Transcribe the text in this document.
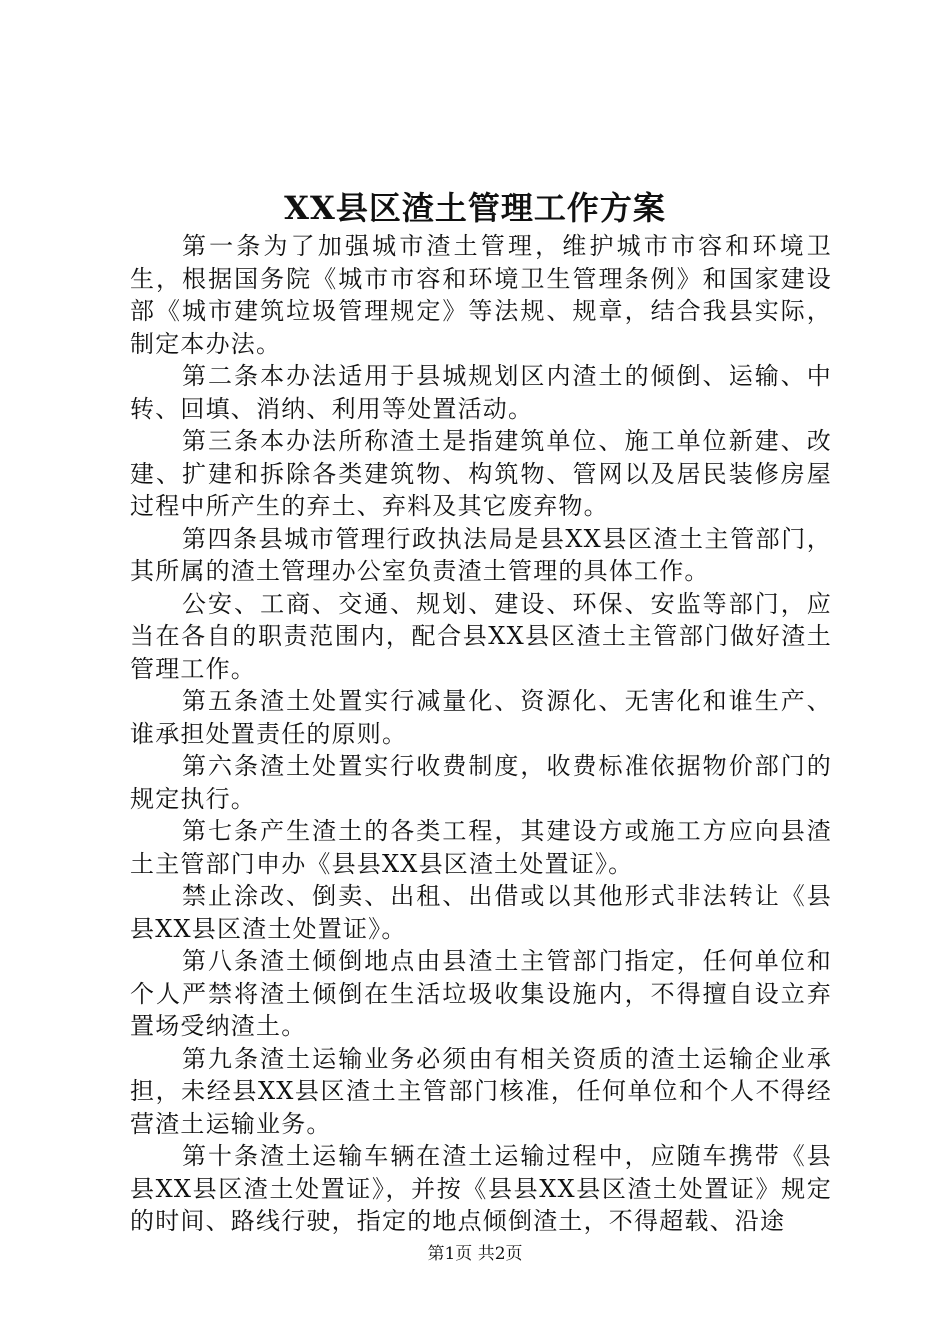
XX县区渣土管理工作方案

第一条为了加强城市渣土管理，维护城市市容和环境卫生，根据国务院《城市市容和环境卫生管理条例》和国家建设部《城市建筑垃圾管理规定》等法规、规章，结合我县实际，制定本办法。

第二条本办法适用于县城规划区内渣土的倾倒、运输、中转、回填、消纳、利用等处置活动。

第三条本办法所称渣土是指建筑单位、施工单位新建、改建、扩建和拆除各类建筑物、构筑物、管网以及居民装修房屋过程中所产生的弃土、弃料及其它废弃物。

第四条县城市管理行政执法局是县XX县区渣土主管部门，其所属的渣土管理办公室负责渣土管理的具体工作。

公安、工商、交通、规划、建设、环保、安监等部门，应当在各自的职责范围内，配合县XX县区渣土主管部门做好渣土管理工作。

第五条渣土处置实行减量化、资源化、无害化和谁生产、谁承担处置责任的原则。

第六条渣土处置实行收费制度，收费标准依据物价部门的规定执行。

第七条产生渣土的各类工程，其建设方或施工方应向县渣土主管部门申办《县县XX县区渣土处置证》。

禁止涂改、倒卖、出租、出借或以其他形式非法转让《县县XX县区渣土处置证》。

第八条渣土倾倒地点由县渣土主管部门指定，任何单位和个人严禁将渣土倾倒在生活垃圾收集设施内，不得擅自设立弃置场受纳渣土。

第九条渣土运输业务必须由有相关资质的渣土运输企业承担，未经县XX县区渣土主管部门核准，任何单位和个人不得经营渣土运输业务。

第十条渣土运输车辆在渣土运输过程中，应随车携带《县县XX县区渣土处置证》，并按《县县XX县区渣土处置证》规定的时间、路线行驶，指定的地点倾倒渣土，不得超载、沿途

第1页 共2页
